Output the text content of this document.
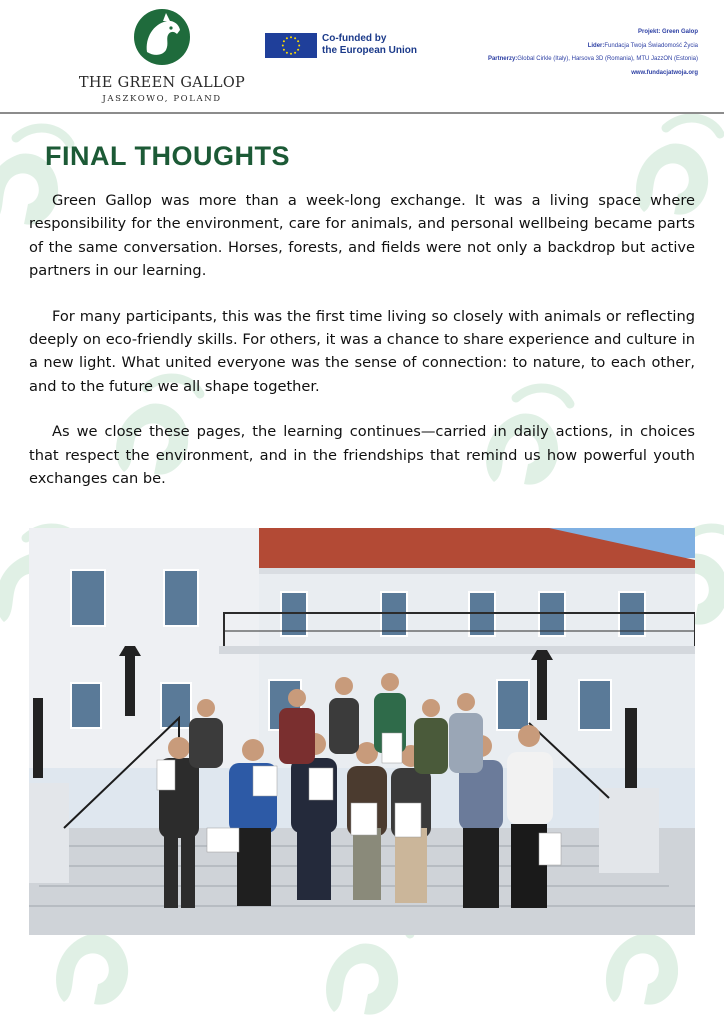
THE GREEN GALLOP
JASZKOWO, POLAND
Co-funded by
the European Union
Projekt: Green Galop
Lider:Fundacja Twoja Świadomość Życia
Partnerzy:Global Cirkle (Italy), Harsova 3D (Romania), MTU JazzON (Estonia)
www.fundacjatwoja.org
FINAL THOUGHTS

Green Gallop was more than a week-long exchange. It was a living space where responsibility for the environment, care for animals, and personal wellbeing became parts of the same conversation. Horses, forests, and fields were not only a backdrop but active partners in our learning.

For many participants, this was the first time living so closely with animals or reflecting deeply on eco-friendly skills. For others, it was a chance to share experience and culture in a new light. What united everyone was the sense of connection: to nature, to each other, and to the future we all shape together.

As we close these pages, the learning continues—carried in daily actions, in choices that respect the environment, and in the friendships that remind us how powerful youth exchanges can be.
